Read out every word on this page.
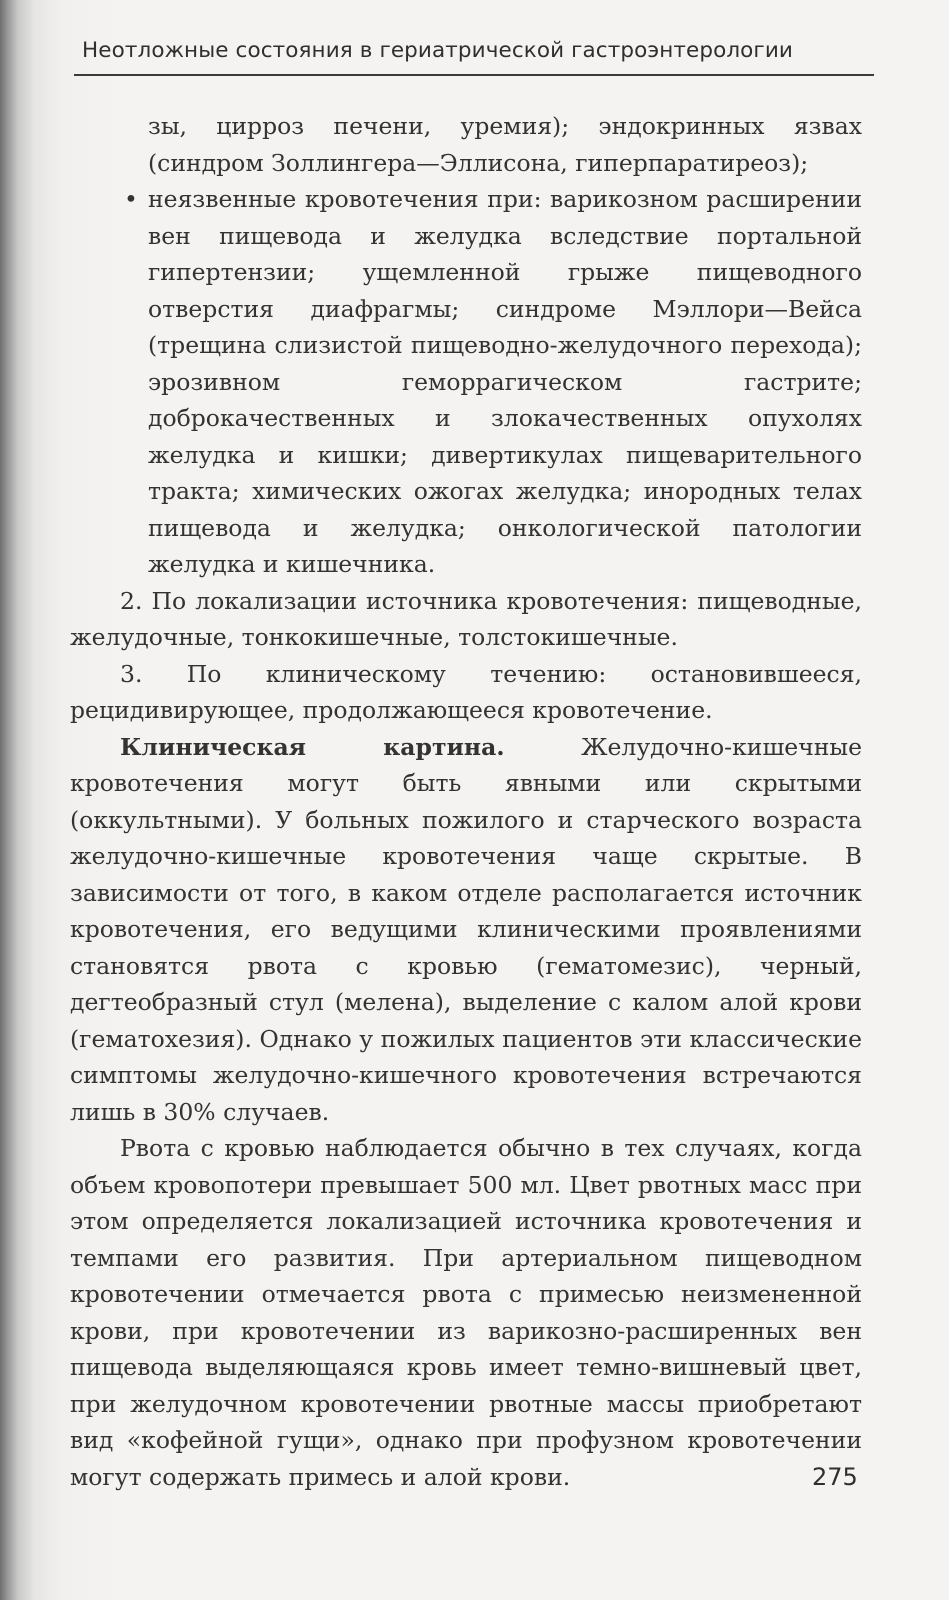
Неотложные состояния в гериатрической гастроэнтерологии

зы, цирроз печени, уремия); эндокринных язвах (синдром Золлингера—Эллисона, гиперпаратиреоз);

• неязвенные кровотечения при: варикозном расширении вен пищевода и желудка вследствие портальной гипертензии; ущемленной грыже пищеводного отверстия диафрагмы; синдроме Мэллори—Вейса (трещина слизистой пищеводно-желудочного перехода); эрозивном геморрагическом гастрите; доброкачественных и злокачественных опухолях желудка и кишки; дивертикулах пищеварительного тракта; химических ожогах желудка; инородных телах пищевода и желудка; онкологической патологии желудка и кишечника.

2. По локализации источника кровотечения: пищеводные, желудочные, тонкокишечные, толстокишечные.

3. По клиническому течению: остановившееся, рецидивирующее, продолжающееся кровотечение.

Клиническая картина. Желудочно-кишечные кровотечения могут быть явными или скрытыми (оккультными). У больных пожилого и старческого возраста желудочно-кишечные кровотечения чаще скрытые. В зависимости от того, в каком отделе располагается источник кровотечения, его ведущими клиническими проявлениями становятся рвота с кровью (гематомезис), черный, дегтеобразный стул (мелена), выделение с калом алой крови (гематохезия). Однако у пожилых пациентов эти классические симптомы желудочно-кишечного кровотечения встречаются лишь в 30% случаев.

Рвота с кровью наблюдается обычно в тех случаях, когда объем кровопотери превышает 500 мл. Цвет рвотных масс при этом определяется локализацией источника кровотечения и темпами его развития. При артериальном пищеводном кровотечении отмечается рвота с примесью неизмененной крови, при кровотечении из варикозно-расширенных вен пищевода выделяющаяся кровь имеет темно-вишневый цвет, при желудочном кровотечении рвотные массы приобретают вид «кофейной гущи», однако при профузном кровотечении могут содержать примесь и алой крови.	275
